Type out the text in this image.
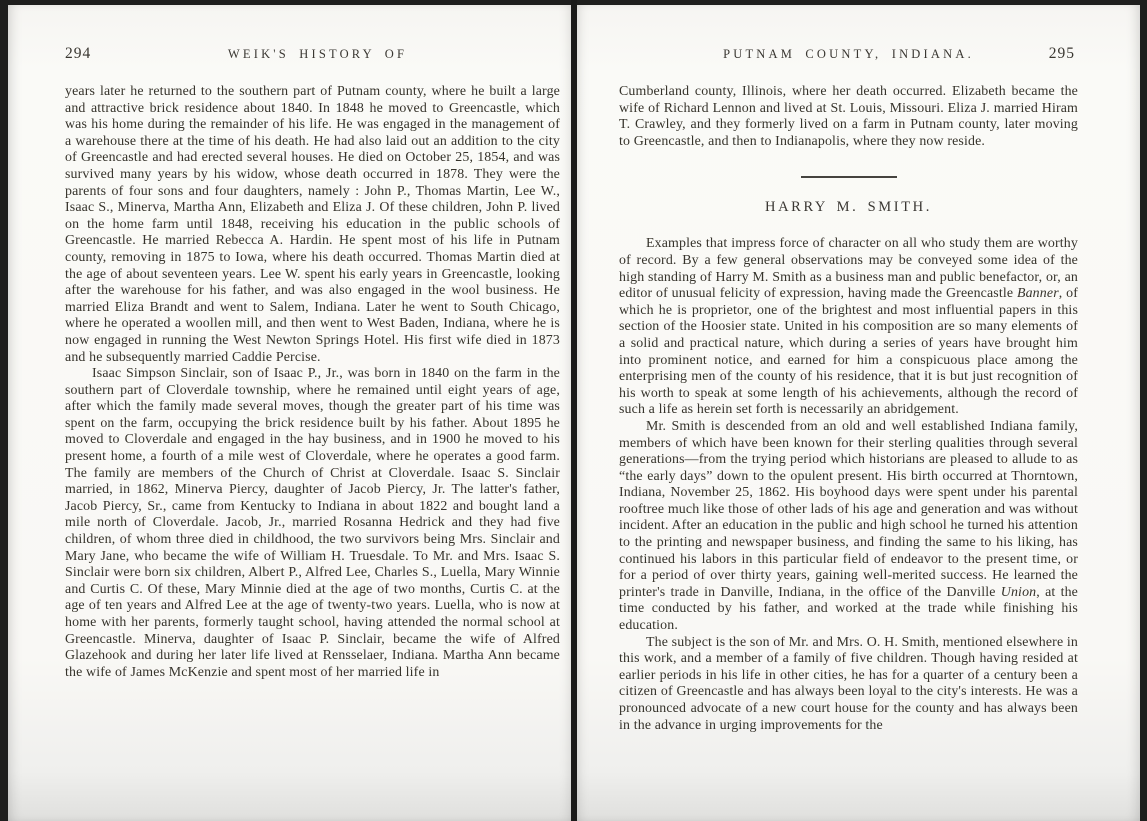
294	WEIK'S HISTORY OF

years later he returned to the southern part of Putnam county, where he built a large and attractive brick residence about 1840. In 1848 he moved to Greencastle, which was his home during the remainder of his life. He was engaged in the management of a warehouse there at the time of his death. He had also laid out an addition to the city of Greencastle and had erected several houses. He died on October 25, 1854, and was survived many years by his widow, whose death occurred in 1878. They were the parents of four sons and four daughters, namely : John P., Thomas Martin, Lee W., Isaac S., Minerva, Martha Ann, Elizabeth and Eliza J. Of these children, John P. lived on the home farm until 1848, receiving his education in the public schools of Greencastle. He married Rebecca A. Hardin. He spent most of his life in Putnam county, removing in 1875 to Iowa, where his death occurred. Thomas Martin died at the age of about seventeen years. Lee W. spent his early years in Greencastle, looking after the warehouse for his father, and was also engaged in the wool business. He married Eliza Brandt and went to Salem, Indiana. Later he went to South Chicago, where he operated a woollen mill, and then went to West Baden, Indiana, where he is now engaged in running the West Newton Springs Hotel. His first wife died in 1873 and he subsequently married Caddie Percise.

Isaac Simpson Sinclair, son of Isaac P., Jr., was born in 1840 on the farm in the southern part of Cloverdale township, where he remained until eight years of age, after which the family made several moves, though the greater part of his time was spent on the farm, occupying the brick residence built by his father. About 1895 he moved to Cloverdale and engaged in the hay business, and in 1900 he moved to his present home, a fourth of a mile west of Cloverdale, where he operates a good farm. The family are members of the Church of Christ at Cloverdale. Isaac S. Sinclair married, in 1862, Minerva Piercy, daughter of Jacob Piercy, Jr. The latter's father, Jacob Piercy, Sr., came from Kentucky to Indiana in about 1822 and bought land a mile north of Cloverdale. Jacob, Jr., married Rosanna Hedrick and they had five children, of whom three died in childhood, the two survivors being Mrs. Sinclair and Mary Jane, who became the wife of William H. Truesdale. To Mr. and Mrs. Isaac S. Sinclair were born six children, Albert P., Alfred Lee, Charles S., Luella, Mary Winnie and Curtis C. Of these, Mary Minnie died at the age of two months, Curtis C. at the age of ten years and Alfred Lee at the age of twenty-two years. Luella, who is now at home with her parents, formerly taught school, having attended the normal school at Greencastle. Minerva, daughter of Isaac P. Sinclair, became the wife of Alfred Glazehook and during her later life lived at Rensselaer, Indiana. Martha Ann became the wife of James McKenzie and spent most of her married life in

PUTNAM COUNTY, INDIANA.	295

Cumberland county, Illinois, where her death occurred. Elizabeth became the wife of Richard Lennon and lived at St. Louis, Missouri. Eliza J. married Hiram T. Crawley, and they formerly lived on a farm in Putnam county, later moving to Greencastle, and then to Indianapolis, where they now reside.

HARRY M. SMITH.

Examples that impress force of character on all who study them are worthy of record. By a few general observations may be conveyed some idea of the high standing of Harry M. Smith as a business man and public benefactor, or, an editor of unusual felicity of expression, having made the Greencastle Banner, of which he is proprietor, one of the brightest and most influential papers in this section of the Hoosier state. United in his composition are so many elements of a solid and practical nature, which during a series of years have brought him into prominent notice, and earned for him a conspicuous place among the enterprising men of the county of his residence, that it is but just recognition of his worth to speak at some length of his achievements, although the record of such a life as herein set forth is necessarily an abridgement.

Mr. Smith is descended from an old and well established Indiana family, members of which have been known for their sterling qualities through several generations—from the trying period which historians are pleased to allude to as “the early days” down to the opulent present. His birth occurred at Thorntown, Indiana, November 25, 1862. His boyhood days were spent under his parental rooftree much like those of other lads of his age and generation and was without incident. After an education in the public and high school he turned his attention to the printing and newspaper business, and finding the same to his liking, has continued his labors in this particular field of endeavor to the present time, or for a period of over thirty years, gaining well-merited success. He learned the printer's trade in Danville, Indiana, in the office of the Danville Union, at the time conducted by his father, and worked at the trade while finishing his education.

The subject is the son of Mr. and Mrs. O. H. Smith, mentioned elsewhere in this work, and a member of a family of five children. Though having resided at earlier periods in his life in other cities, he has for a quarter of a century been a citizen of Greencastle and has always been loyal to the city's interests. He was a pronounced advocate of a new court house for the county and has always been in the advance in urging improvements for the
